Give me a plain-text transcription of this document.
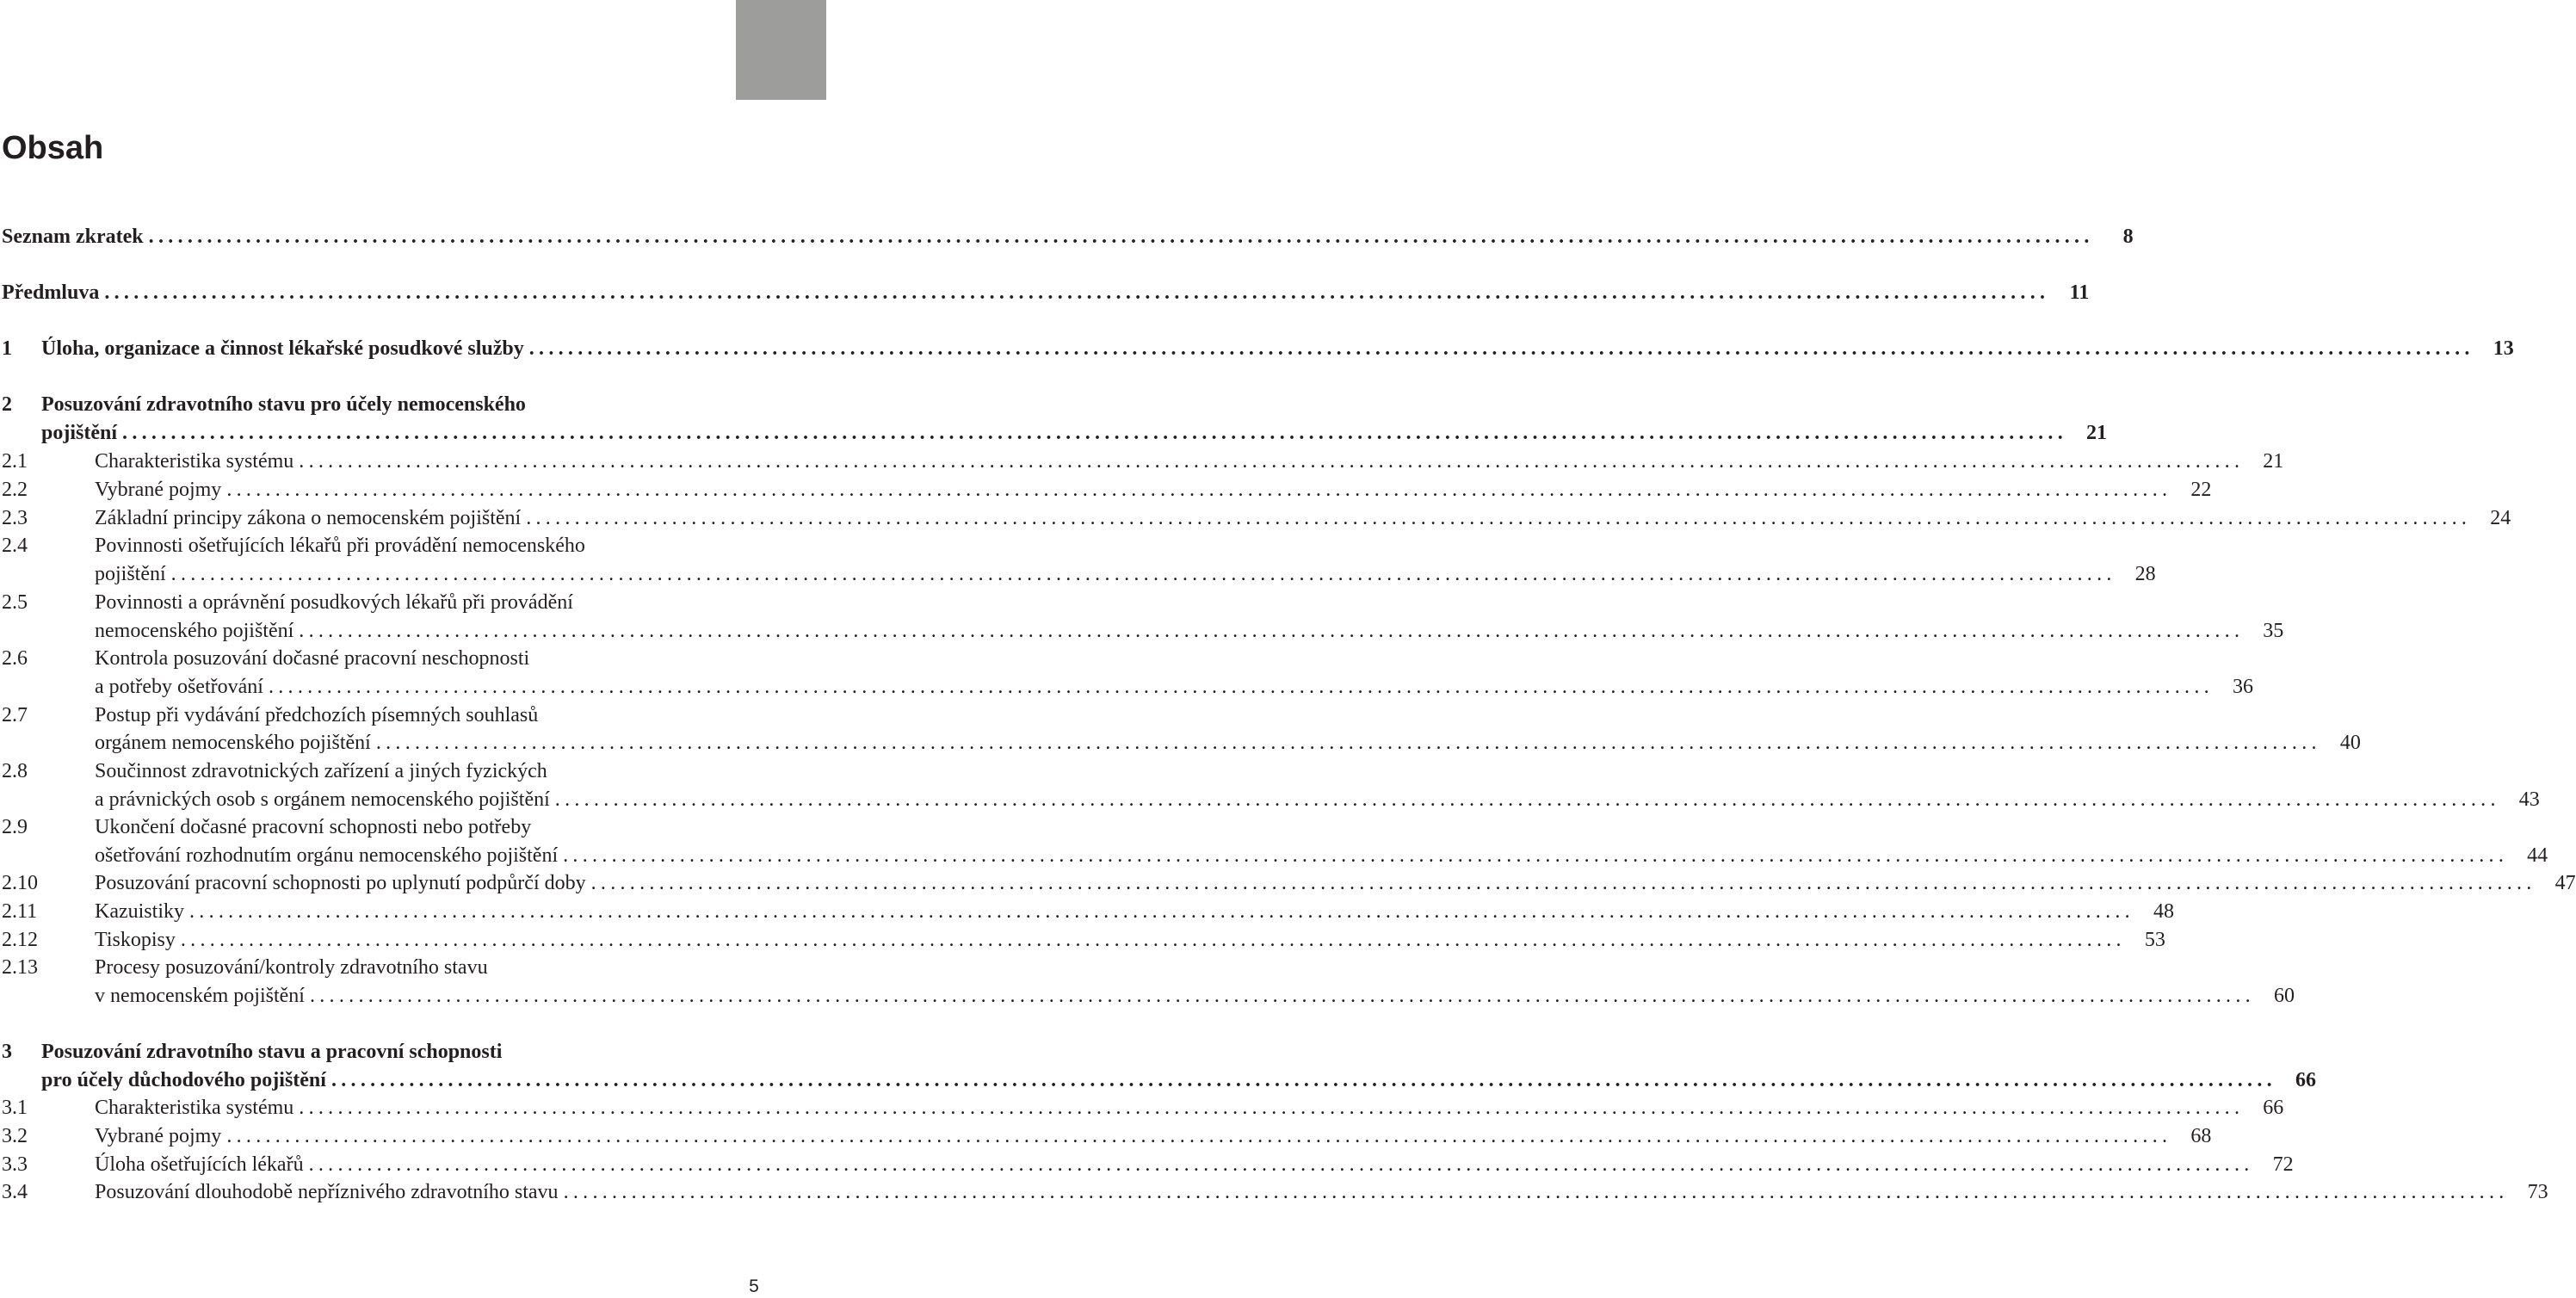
Obsah
Seznam zkratek ........................................................................................................................................................................................................	8
Předmluva ........................................................................................................................................................................................................ 11
1 Úloha, organizace a činnost lékařské posudkové služby ........................................................................................................................................................................................................ 13
2 Posuzování zdravotního stavu pro účely nemocenského
pojištění ........................................................................................................................................................................................................ 21
2.1	Charakteristika systému ........................................................................................................................................................................................................ 21
2.2	Vybrané pojmy ........................................................................................................................................................................................................ 22
2.3	Základní principy zákona o nemocenském pojištění ........................................................................................................................................................................................................ 24
2.4	Povinnosti ošetřujících lékařů při provádění nemocenského
pojištění ........................................................................................................................................................................................................ 28
2.5	Povinnosti a oprávnění posudkových lékařů při provádění
nemocenského pojištění ........................................................................................................................................................................................................ 35
2.6	Kontrola posuzování dočasné pracovní neschopnosti
a potřeby ošetřování ........................................................................................................................................................................................................ 36
2.7	Postup při vydávání předchozích písemných souhlasů
orgánem nemocenského pojištění ........................................................................................................................................................................................................ 40
2.8	Součinnost zdravotnických zařízení a jiných fyzických
a právnických osob s orgánem nemocenského pojištění ........................................................................................................................................................................................................ 43
2.9	Ukončení dočasné pracovní schopnosti nebo potřeby
ošetřování rozhodnutím orgánu nemocenského pojištění ........................................................................................................................................................................................................ 44
2.10	Posuzování pracovní schopnosti po uplynutí podpůrčí doby ........................................................................................................................................................................................................ 47
2.11	Kazuistiky ........................................................................................................................................................................................................ 48
2.12	Tiskopisy ........................................................................................................................................................................................................ 53
2.13	Procesy posuzování/kontroly zdravotního stavu
v nemocenském pojištění ........................................................................................................................................................................................................ 60
3 Posuzování zdravotního stavu a pracovní schopnosti
pro účely důchodového pojištění ........................................................................................................................................................................................................ 66
3.1	Charakteristika systému ........................................................................................................................................................................................................ 66
3.2	Vybrané pojmy ........................................................................................................................................................................................................ 68
3.3	Úloha ošetřujících lékařů ........................................................................................................................................................................................................ 72
3.4	Posuzování dlouhodobě nepříznivého zdravotního stavu ........................................................................................................................................................................................................ 73
5
